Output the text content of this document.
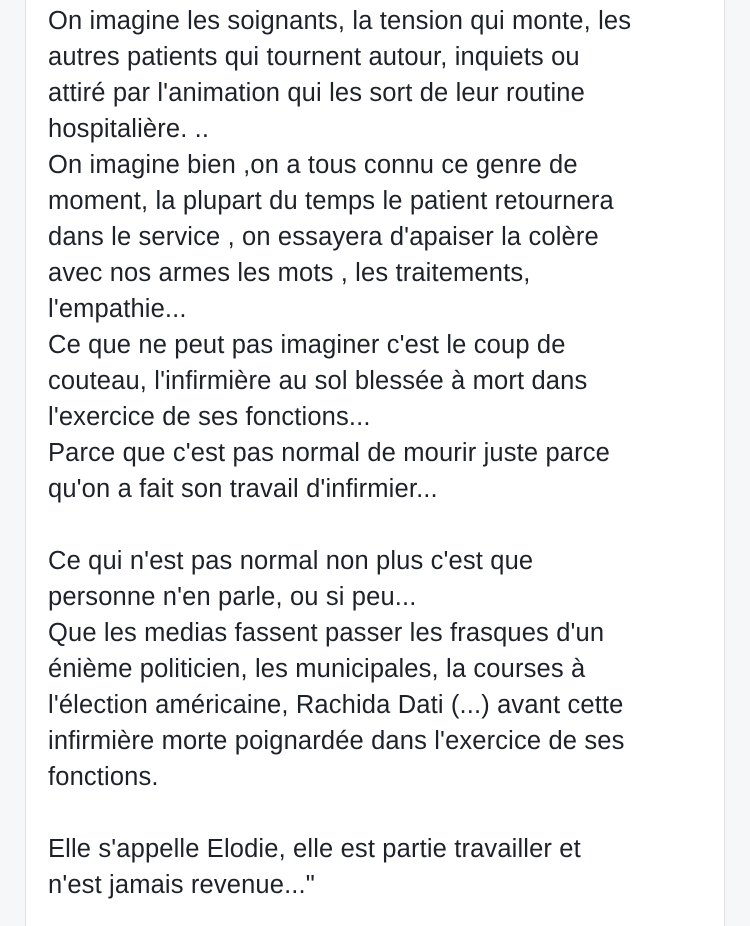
On imagine les soignants, la tension qui monte, les
autres patients qui tournent autour, inquiets ou
attiré par l'animation qui les sort de leur routine
hospitalière. ..
On imagine bien ,on a tous connu ce genre de
moment, la plupart du temps le patient retournera
dans le service , on essayera d'apaiser la colère
avec nos armes les mots , les traitements,
l'empathie...
Ce que ne peut pas imaginer c'est le coup de
couteau, l'infirmière au sol blessée à mort dans
l'exercice de ses fonctions...
Parce que c'est pas normal de mourir juste parce
qu'on a fait son travail d'infirmier...

Ce qui n'est pas normal non plus c'est que
personne n'en parle, ou si peu...
Que les medias fassent passer les frasques d'un
énième politicien, les municipales, la courses à
l'élection américaine, Rachida Dati (...) avant cette
infirmière morte poignardée dans l'exercice de ses
fonctions.

Elle s'appelle Elodie, elle est partie travailler et
n'est jamais revenue..."
